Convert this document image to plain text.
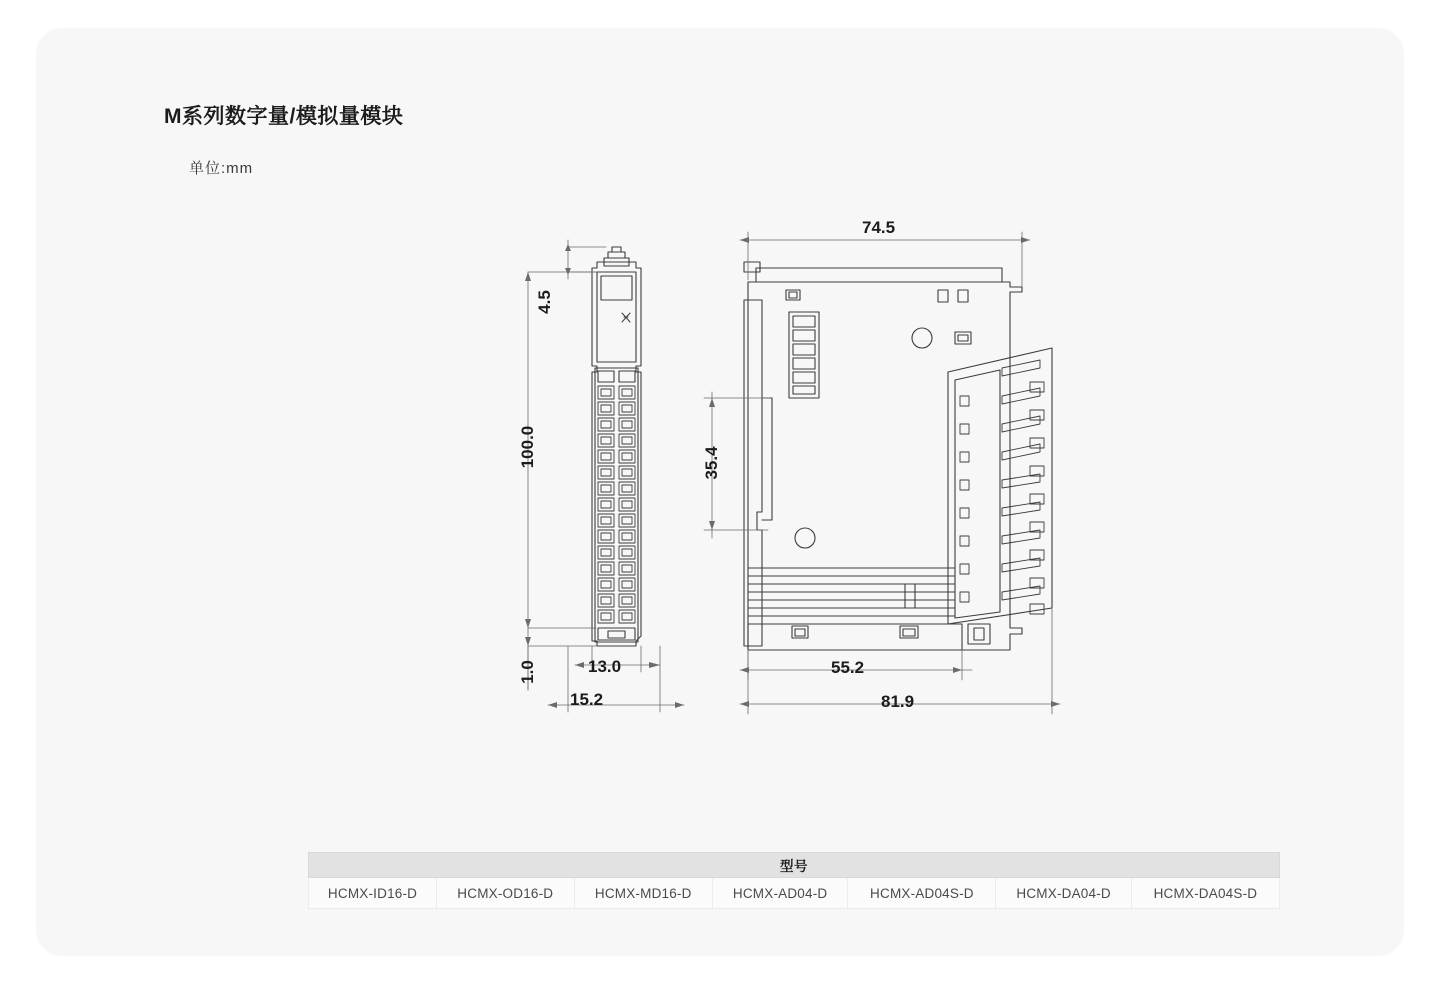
M系列数字量/模拟量模块
单位:mm
4.5
100.0
1.0	13.0
15.2
74.5
35.4
55.2
81.9
型号
HCMX-ID16-D	HCMX-OD16-D	HCMX-MD16-D	HCMX-AD04-D	HCMX-AD04S-D	HCMX-DA04-D	HCMX-DA04S-D
